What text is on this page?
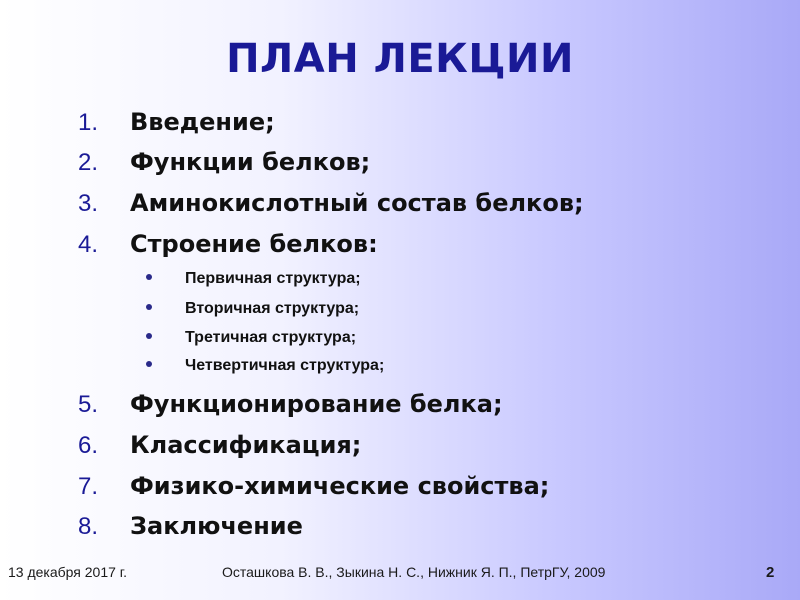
ПЛАН ЛЕКЦИИ
1. Введение;
2. Функции белков;
3. Аминокислотный состав белков;
4. Строение белков:
Первичная структура;
Вторичная структура;
Третичная структура;
Четвертичная структура;
5. Функционирование белка;
6. Классификация;
7. Физико-химические свойства;
8. Заключение
13 декабря 2017 г.	Осташкова В. В., Зыкина Н. С., Нижник Я. П., ПетрГУ, 2009	2
